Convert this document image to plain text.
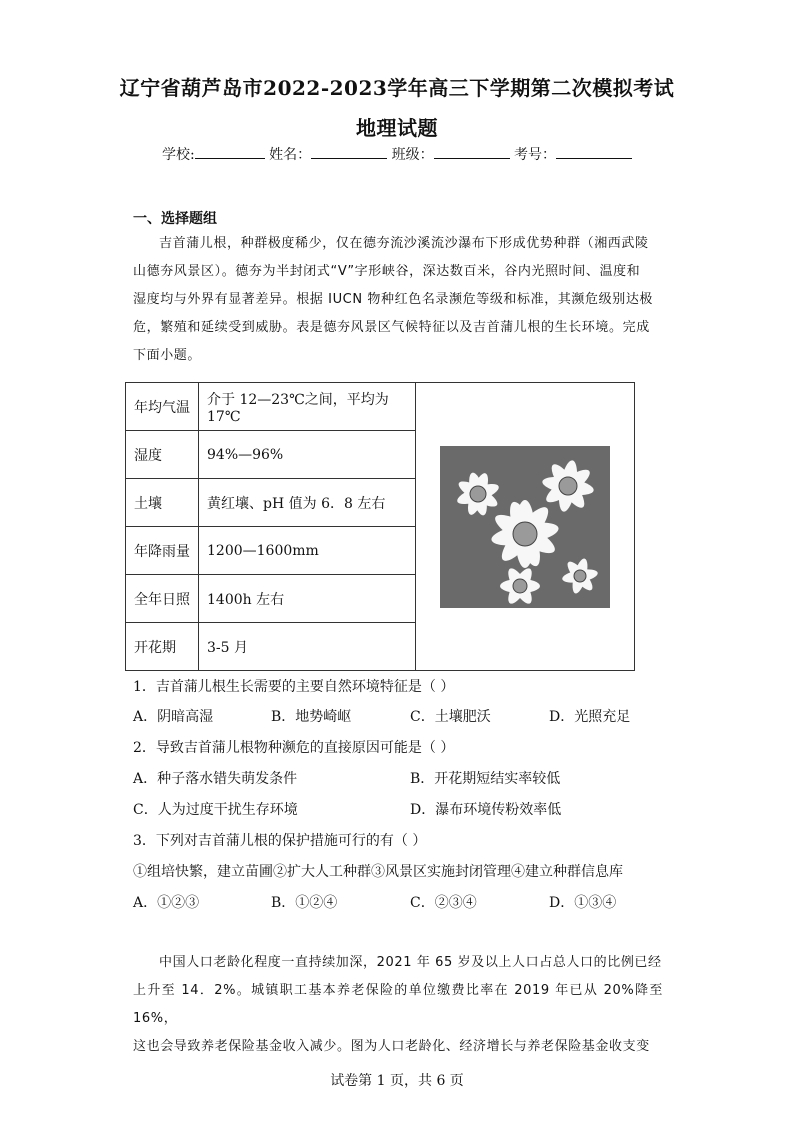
辽宁省葫芦岛市2022-2023学年高三下学期第二次模拟考试
地理试题
学校:	姓名：	班级：	考号：
一、选择题组
吉首蒲儿根，种群极度稀少，仅在德夯流沙溪流沙瀑布下形成优势种群（湘西武陵
山德夯风景区）。德夯为半封闭式“V”字形峡谷，深达数百米，谷内光照时间、温度和
湿度均与外界有显著差异。根据 IUCN 物种红色名录濒危等级和标准，其濒危级别达极
危，繁殖和延续受到威胁。表是德夯风景区气候特征以及吉首蒲儿根的生长环境。完成
下面小题。
年均气温	介于 12—23℃之间，平均为 17℃	

湿度	94%—96%	
土壤	黄红壤、pH 值为 6．8 左右	
年降雨量	1200—1600mm	
全年日照	1400h 左右	
开花期	3-5 月	
1．吉首蒲儿根生长需要的主要自然环境特征是（ ）
A．阴暗高湿	B．地势崎岖	C．土壤肥沃	D．光照充足
2．导致吉首蒲儿根物种濒危的直接原因可能是（ ）
A．种子落水错失萌发条件	B．开花期短结实率较低
C．人为过度干扰生存环境	D．瀑布环境传粉效率低
3．下列对吉首蒲儿根的保护措施可行的有（ ）
①组培快繁，建立苗圃②扩大人工种群③风景区实施封闭管理④建立种群信息库
A．①②③	B．①②④	C．②③④	D．①③④
中国人口老龄化程度一直持续加深，2021 年 65 岁及以上人口占总人口的比例已经
上升至 14．2%。城镇职工基本养老保险的单位缴费比率在 2019 年已从 20%降至 16%，
这也会导致养老保险基金收入减少。图为人口老龄化、经济增长与养老保险基金收支变
试卷第 1 页，共 6 页
